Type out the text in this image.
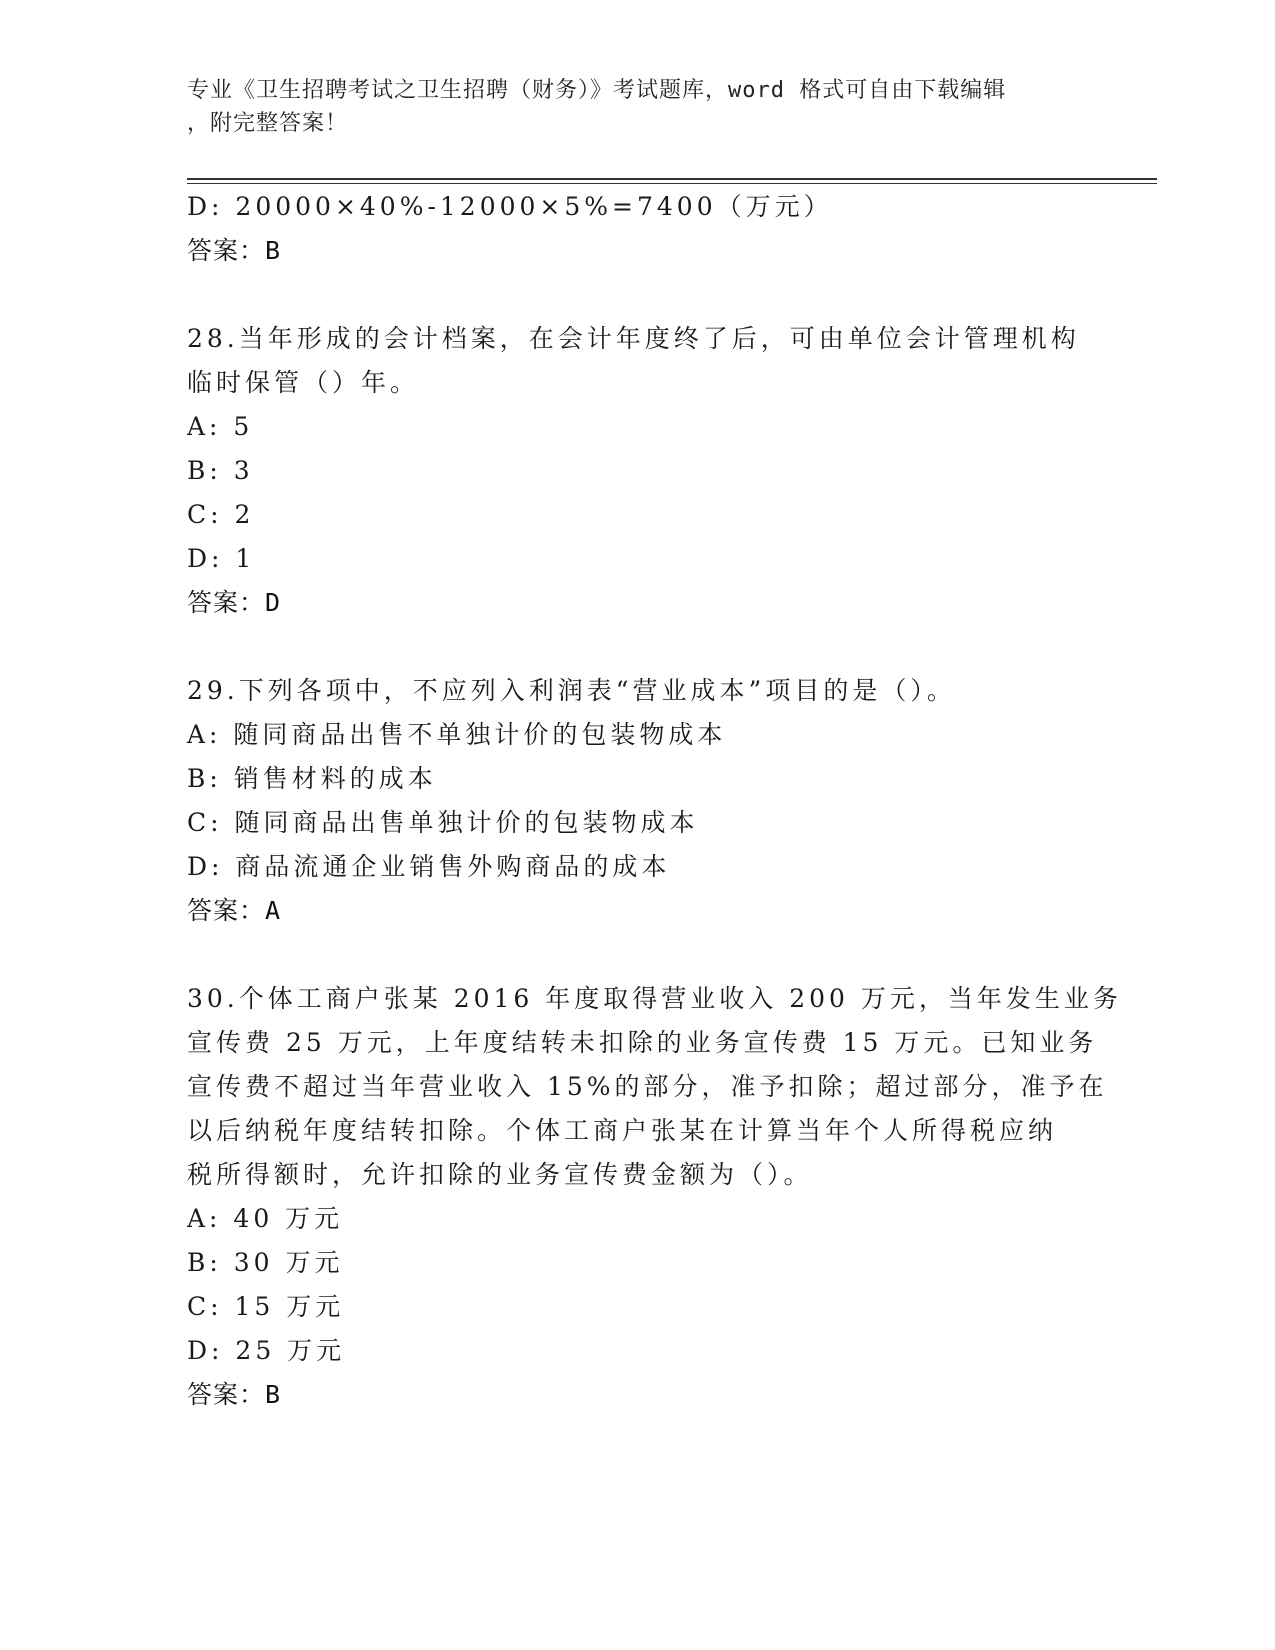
专业《卫生招聘考试之卫生招聘（财务）》考试题库，word 格式可自由下载编辑
，附完整答案！
D: 20000×40%-12000×5%=7400（万元）
答案：B
28.当年形成的会计档案，在会计年度终了后，可由单位会计管理机构
临时保管（）年。
A: 5
B: 3
C: 2
D: 1
答案：D
29.下列各项中，不应列入利润表“营业成本”项目的是（）。
A: 随同商品出售不单独计价的包装物成本
B: 销售材料的成本
C: 随同商品出售单独计价的包装物成本
D: 商品流通企业销售外购商品的成本
答案：A
30.个体工商户张某 2016 年度取得营业收入 200 万元，当年发生业务
宣传费 25 万元，上年度结转未扣除的业务宣传费 15 万元。已知业务
宣传费不超过当年营业收入 15%的部分，准予扣除；超过部分，准予在
以后纳税年度结转扣除。个体工商户张某在计算当年个人所得税应纳
税所得额时，允许扣除的业务宣传费金额为（）。
A: 40 万元
B: 30 万元
C: 15 万元
D: 25 万元
答案：B
